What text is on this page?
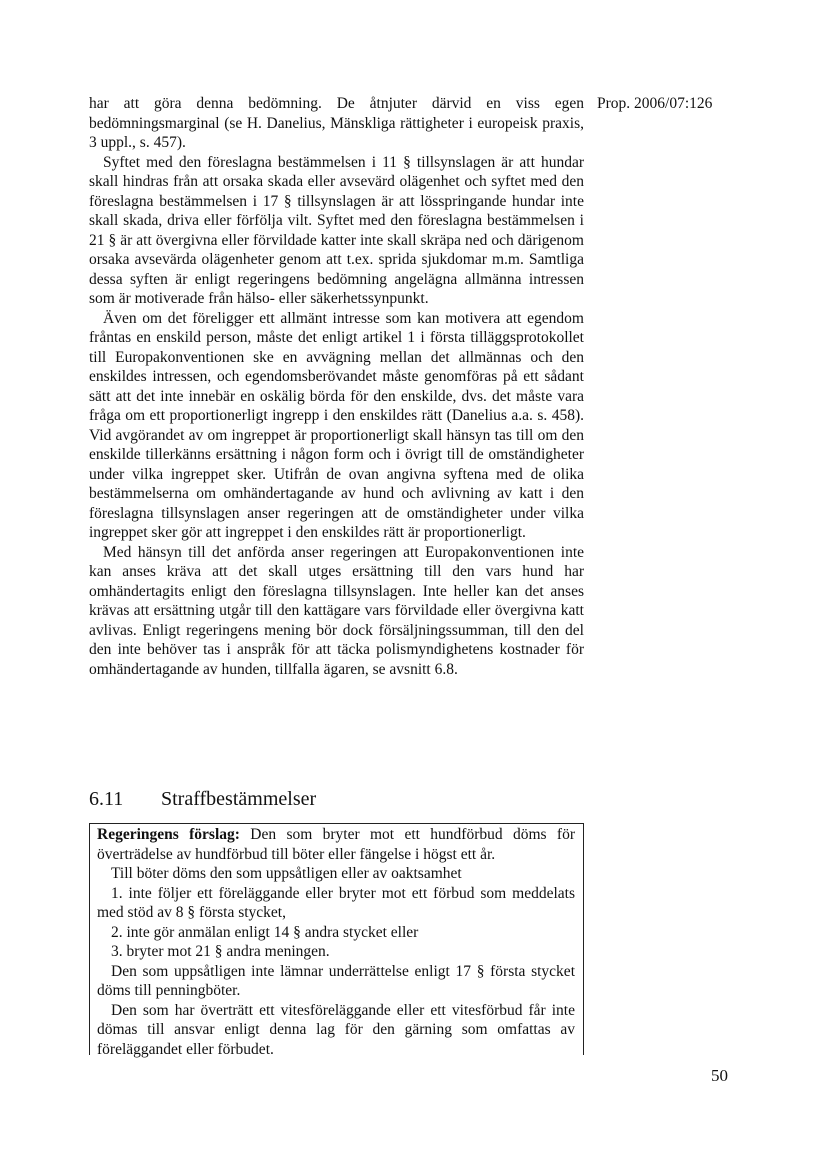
Prop. 2006/07:126

har att göra denna bedömning. De åtnjuter därvid en viss egen bedömningsmarginal (se H. Danelius, Mänskliga rättigheter i europeisk praxis, 3 uppl., s. 457).

Syftet med den föreslagna bestämmelsen i 11 § tillsynslagen är att hundar skall hindras från att orsaka skada eller avsevärd olägenhet och syftet med den föreslagna bestämmelsen i 17 § tillsynslagen är att lösspringande hundar inte skall skada, driva eller förfölja vilt. Syftet med den föreslagna bestämmelsen i 21 § är att övergivna eller förvildade katter inte skall skräpa ned och därigenom orsaka avsevärda olägenheter genom att t.ex. sprida sjukdomar m.m. Samtliga dessa syften är enligt regeringens bedömning angelägna allmänna intressen som är motiverade från hälso- eller säkerhetssynpunkt.

Även om det föreligger ett allmänt intresse som kan motivera att egendom fråntas en enskild person, måste det enligt artikel 1 i första tilläggsprotokollet till Europakonventionen ske en avvägning mellan det allmännas och den enskildes intressen, och egendomsberövandet måste genomföras på ett sådant sätt att det inte innebär en oskälig börda för den enskilde, dvs. det måste vara fråga om ett proportionerligt ingrepp i den enskildes rätt (Danelius a.a. s. 458). Vid avgörandet av om ingreppet är proportionerligt skall hänsyn tas till om den enskilde tillerkänns ersättning i någon form och i övrigt till de omständigheter under vilka ingreppet sker. Utifrån de ovan angivna syftena med de olika bestämmelserna om omhändertagande av hund och avlivning av katt i den föreslagna tillsynslagen anser regeringen att de omständigheter under vilka ingreppet sker gör att ingreppet i den enskildes rätt är proportionerligt.

Med hänsyn till det anförda anser regeringen att Europakonventionen inte kan anses kräva att det skall utges ersättning till den vars hund har omhändertagits enligt den föreslagna tillsynslagen. Inte heller kan det anses krävas att ersättning utgår till den kattägare vars förvildade eller övergivna katt avlivas. Enligt regeringens mening bör dock försäljningssumman, till den del den inte behöver tas i anspråk för att täcka polismyndighetens kostnader för omhändertagande av hunden, tillfalla ägaren, se avsnitt 6.8.

6.11 Straffbestämmelser

Regeringens förslag: Den som bryter mot ett hundförbud döms för överträdelse av hundförbud till böter eller fängelse i högst ett år.

Till böter döms den som uppsåtligen eller av oaktsamhet

1. inte följer ett föreläggande eller bryter mot ett förbud som meddelats med stöd av 8 § första stycket,

2. inte gör anmälan enligt 14 § andra stycket eller

3. bryter mot 21 § andra meningen.

Den som uppsåtligen inte lämnar underrättelse enligt 17 § första stycket döms till penningböter.

Den som har överträtt ett vitesföreläggande eller ett vitesförbud får inte dömas till ansvar enligt denna lag för den gärning som omfattas av föreläggandet eller förbudet.

50
